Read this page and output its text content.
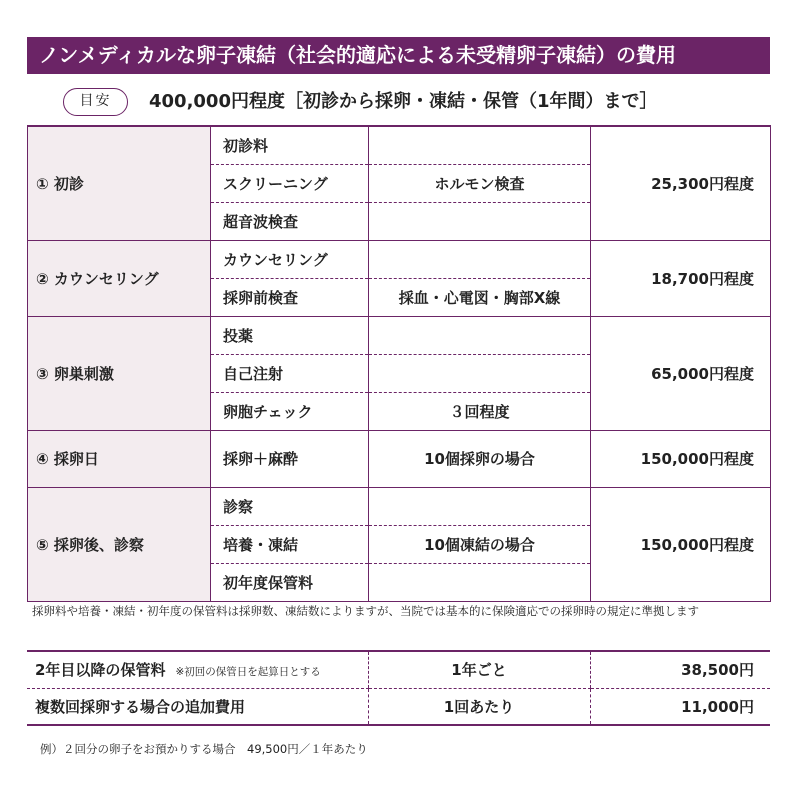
ノンメディカルな卵子凍結（社会的適応による未受精卵子凍結）の費用
目安	400,000円程度［初診から採卵・凍結・保管（1年間）まで］
① 初診	初診料		25,300円程度
	スクリーニング	ホルモン検査	
	超音波検査		
② カウンセリング	カウンセリング		18,700円程度
	採卵前検査	採血・心電図・胸部X線	
③ 卵巣刺激	投薬		65,000円程度
	自己注射		
	卵胞チェック	３回程度	
④ 採卵日	採卵＋麻酔	10個採卵の場合	150,000円程度
⑤ 採卵後、診察	診察		150,000円程度
	培養・凍結	10個凍結の場合	
	初年度保管料		
採卵料や培養・凍結・初年度の保管料は採卵数、凍結数によりますが、当院では基本的に保険適応での採卵時の規定に準拠します
2年目以降の保管料 ※初回の保管日を起算日とする	1年ごと	38,500円
複数回採卵する場合の追加費用	1回あたり	11,000円
例）２回分の卵子をお預かりする場合　49,500円／１年あたり
